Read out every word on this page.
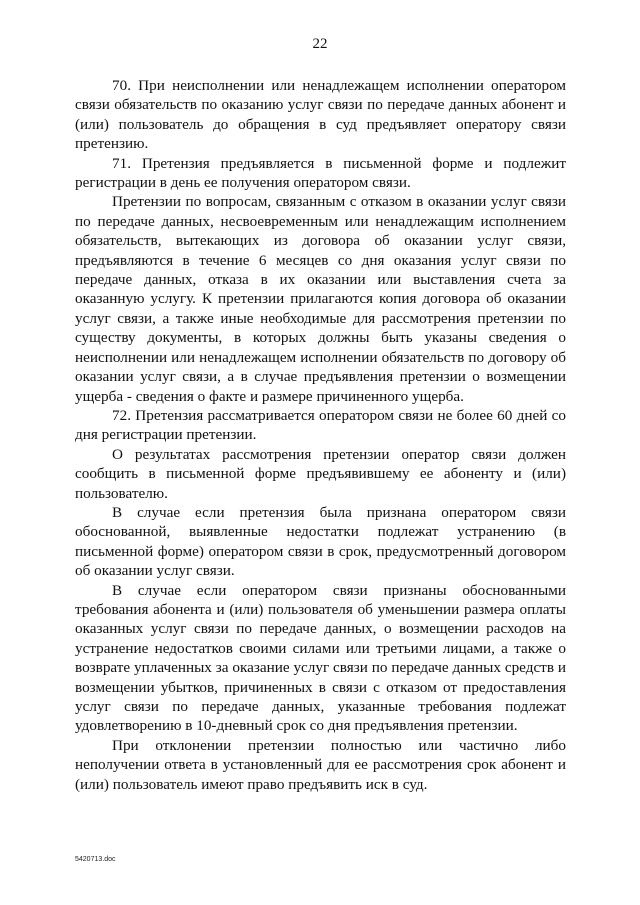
22

70. При неисполнении или ненадлежащем исполнении оператором связи обязательств по оказанию услуг связи по передаче данных абонент и (или) пользователь до обращения в суд предъявляет оператору связи претензию.

71. Претензия предъявляется в письменной форме и подлежит регистрации в день ее получения оператором связи.

Претензии по вопросам, связанным с отказом в оказании услуг связи по передаче данных, несвоевременным или ненадлежащим исполнением обязательств, вытекающих из договора об оказании услуг связи, предъявляются в течение 6 месяцев со дня оказания услуг связи по передаче данных, отказа в их оказании или выставления счета за оказанную услугу. К претензии прилагаются копия договора об оказании услуг связи, а также иные необходимые для рассмотрения претензии по существу документы, в которых должны быть указаны сведения о неисполнении или ненадлежащем исполнении обязательств по договору об оказании услуг связи, а в случае предъявления претензии о возмещении ущерба - сведения о факте и размере причиненного ущерба.

72. Претензия рассматривается оператором связи не более 60 дней со дня регистрации претензии.

О результатах рассмотрения претензии оператор связи должен сообщить в письменной форме предъявившему ее абоненту и (или) пользователю.

В случае если претензия была признана оператором связи обоснованной, выявленные недостатки подлежат устранению (в письменной форме) оператором связи в срок, предусмотренный договором об оказании услуг связи.

В случае если оператором связи признаны обоснованными требования абонента и (или) пользователя об уменьшении размера оплаты оказанных услуг связи по передаче данных, о возмещении расходов на устранение недостатков своими силами или третьими лицами, а также о возврате уплаченных за оказание услуг связи по передаче данных средств и возмещении убытков, причиненных в связи с отказом от предоставления услуг связи по передаче данных, указанные требования подлежат удовлетворению в 10-дневный срок со дня предъявления претензии.

При отклонении претензии полностью или частично либо неполучении ответа в установленный для ее рассмотрения срок абонент и (или) пользователь имеют право предъявить иск в суд.

5420713.doc
